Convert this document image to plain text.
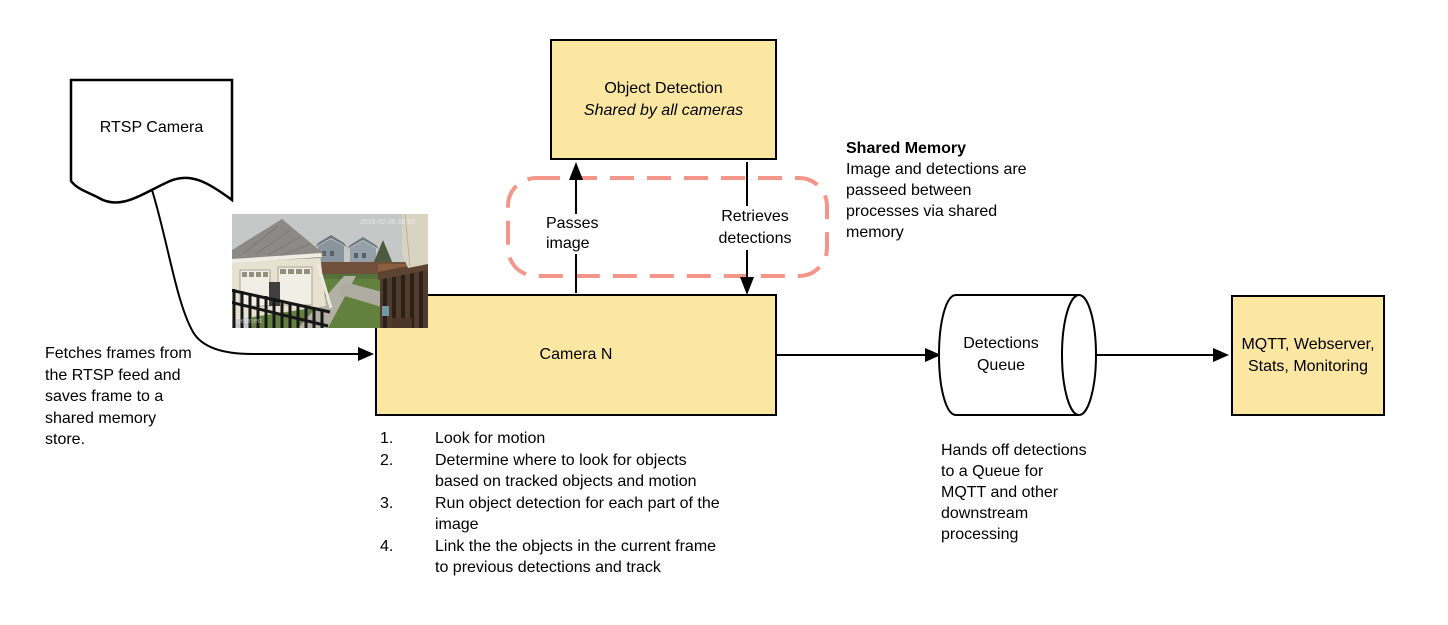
RTSP Camera
Object Detection
Shared by all cameras
Camera N
Detections
Queue
MQTT, Webserver,
Stats, Monitoring
Passes
image
Retrieves
detections
Shared Memory
Image and detections are
passeed between
processes via shared
memory
Fetches frames from
the RTSP feed and
saves frame to a
shared memory
store.
Hands off detections
to a Queue for
MQTT and other
downstream
processing
1.	Look for motion
2.	Determine where to look for objects
based on tracked objects and motion
3.	Run object detection for each part of the
image
4.	Link the the objects in the current frame
to previous detections and track
2018-02-06 00:00
Delayed
